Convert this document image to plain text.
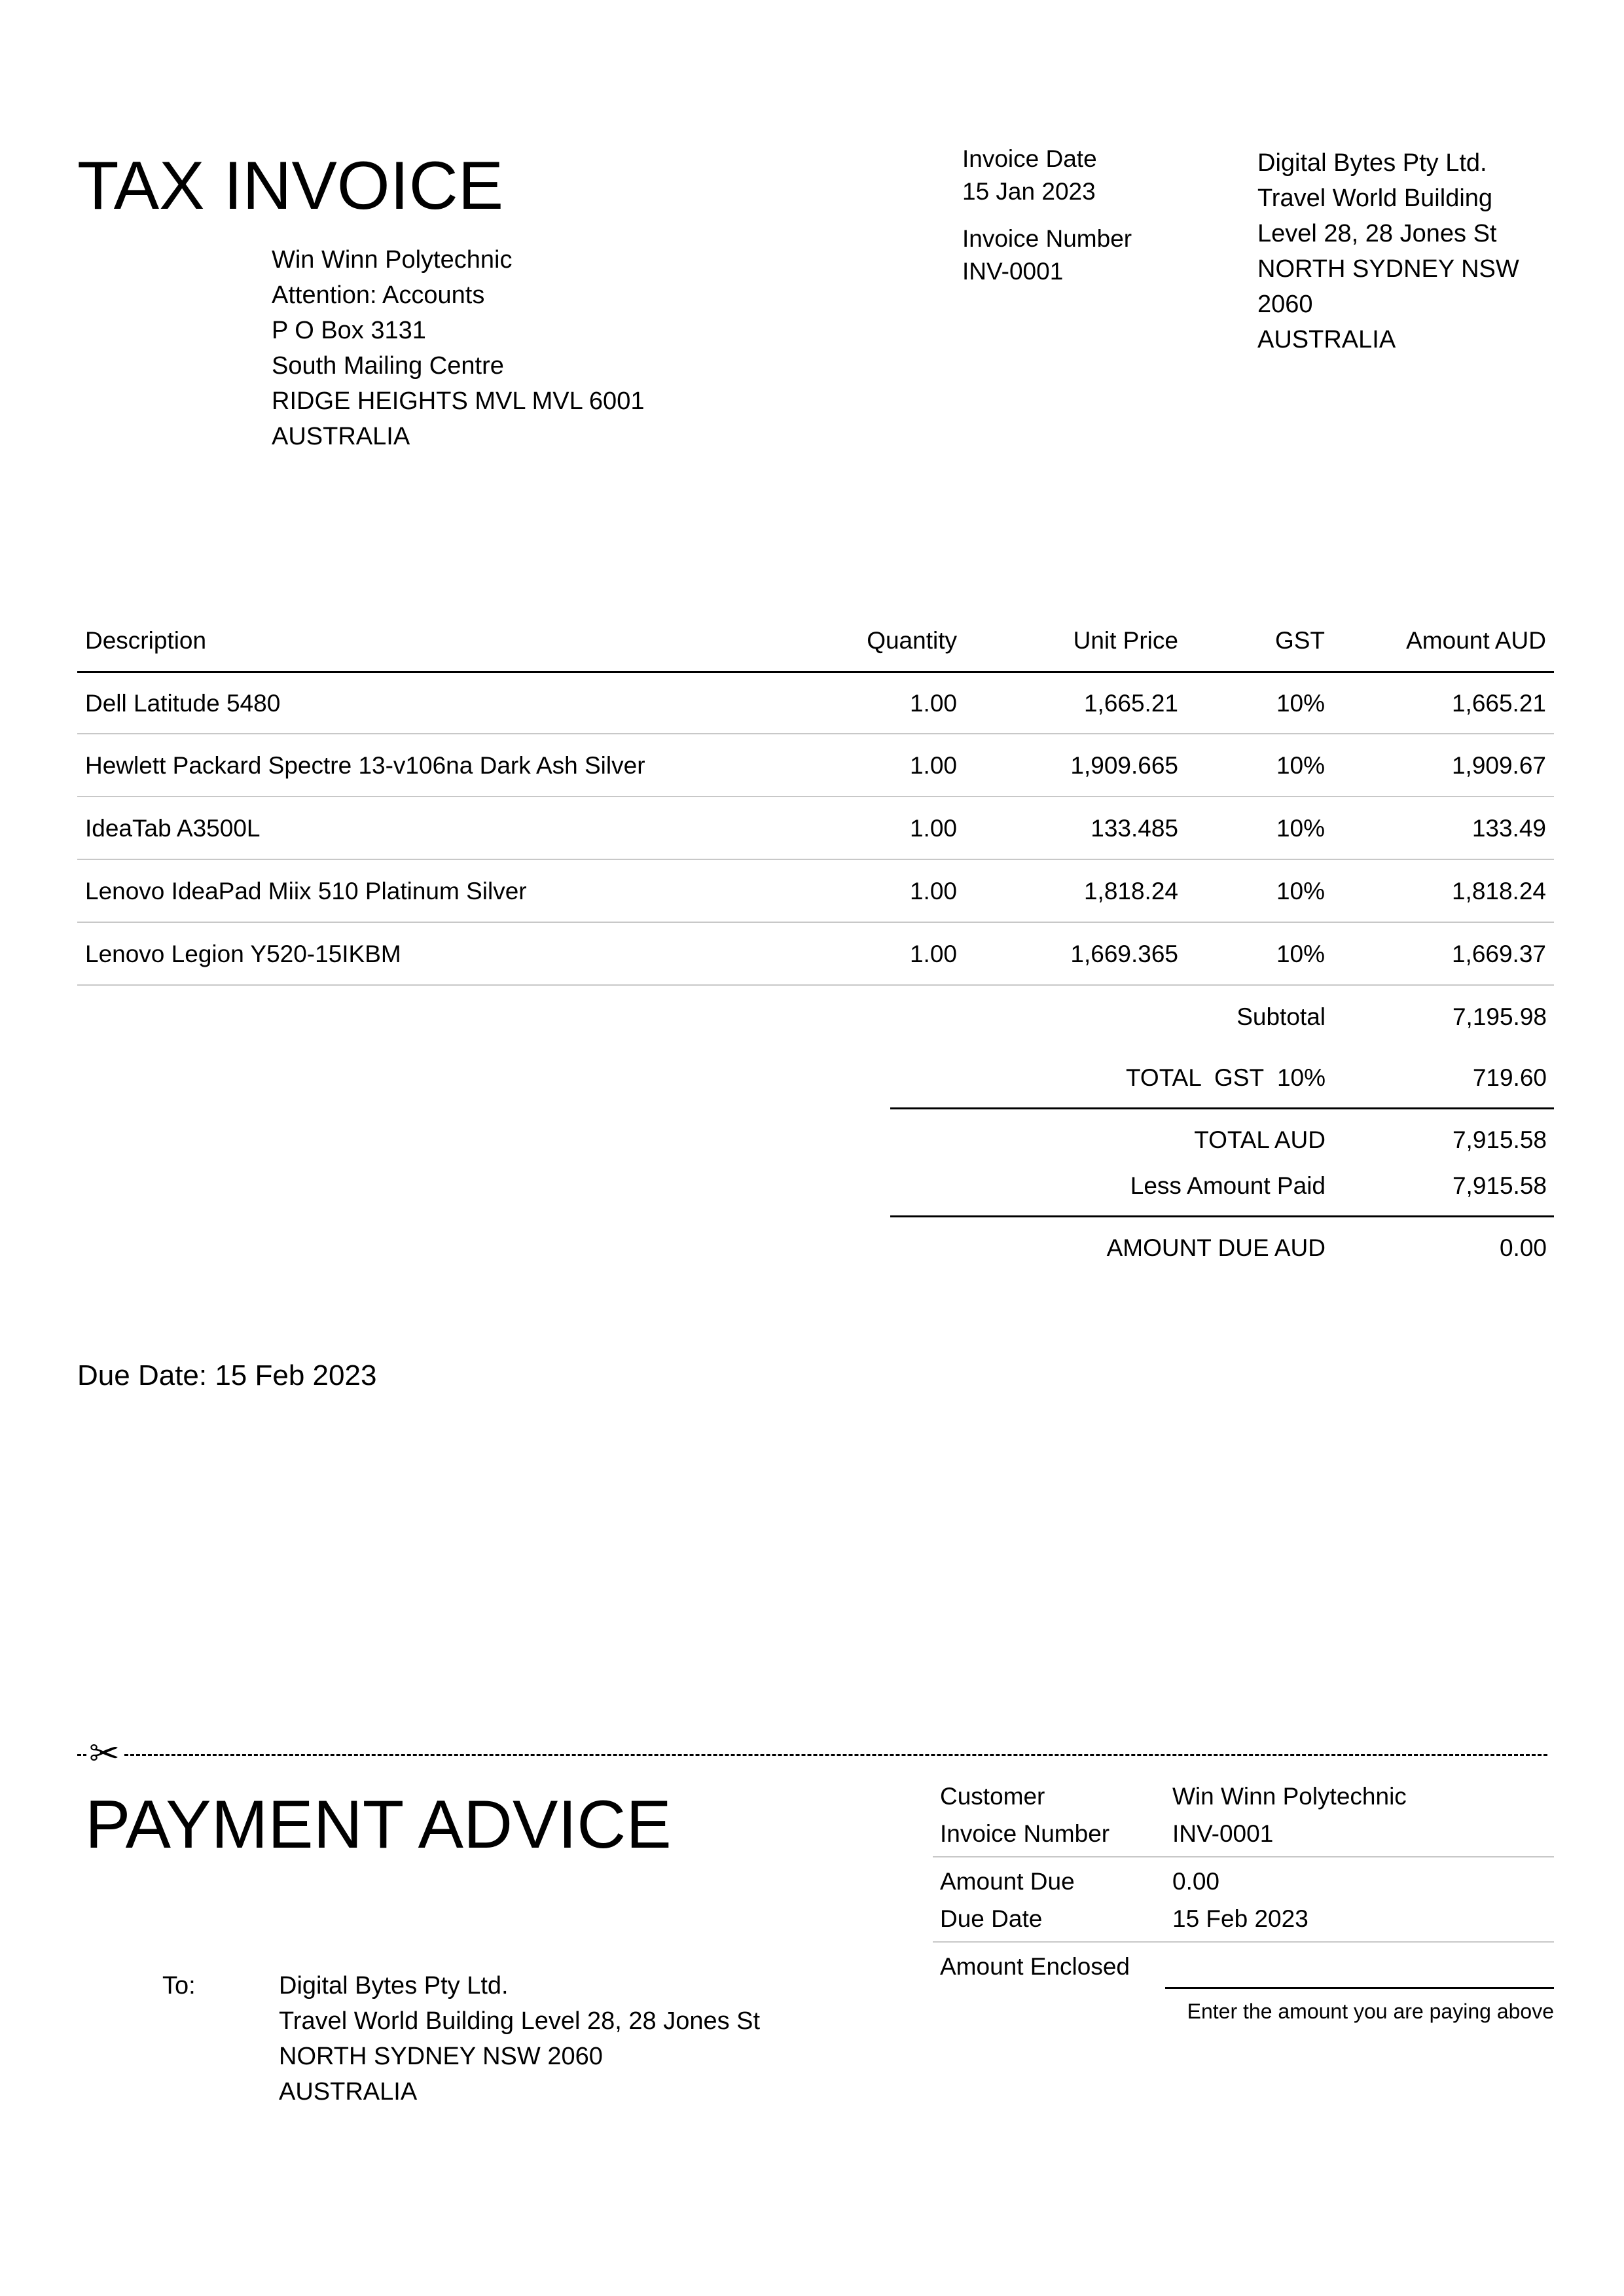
TAX INVOICE
Win Winn Polytechnic
Attention: Accounts
P O Box 3131
South Mailing Centre
RIDGE HEIGHTS MVL MVL 6001
AUSTRALIA
Invoice Date
15 Jan 2023
Invoice Number
INV-0001
Digital Bytes Pty Ltd.
Travel World Building
Level 28, 28 Jones St
NORTH SYDNEY NSW
2060
AUSTRALIA
Description	Quantity	Unit Price	GST	Amount AUD
Dell Latitude 5480	1.00	1,665.21	10%	1,665.21
Hewlett Packard Spectre 13-v106na Dark Ash Silver	1.00	1,909.665	10%	1,909.67
IdeaTab A3500L	1.00	133.485	10%	133.49
Lenovo IdeaPad Miix 510 Platinum Silver	1.00	1,818.24	10%	1,818.24
Lenovo Legion Y520-15IKBM	1.00	1,669.365	10%	1,669.37
Subtotal	7,195.98
TOTAL  GST  10%	719.60
TOTAL AUD	7,915.58
Less Amount Paid	7,915.58
AMOUNT DUE AUD	0.00
Due Date: 15 Feb 2023
✂
PAYMENT ADVICE
To:	Digital Bytes Pty Ltd.
Travel World Building Level 28, 28 Jones St
NORTH SYDNEY NSW 2060
AUSTRALIA
Customer	Win Winn Polytechnic
Invoice Number	INV-0001
Amount Due	0.00
Due Date	15 Feb 2023
Amount Enclosed
Enter the amount you are paying above
